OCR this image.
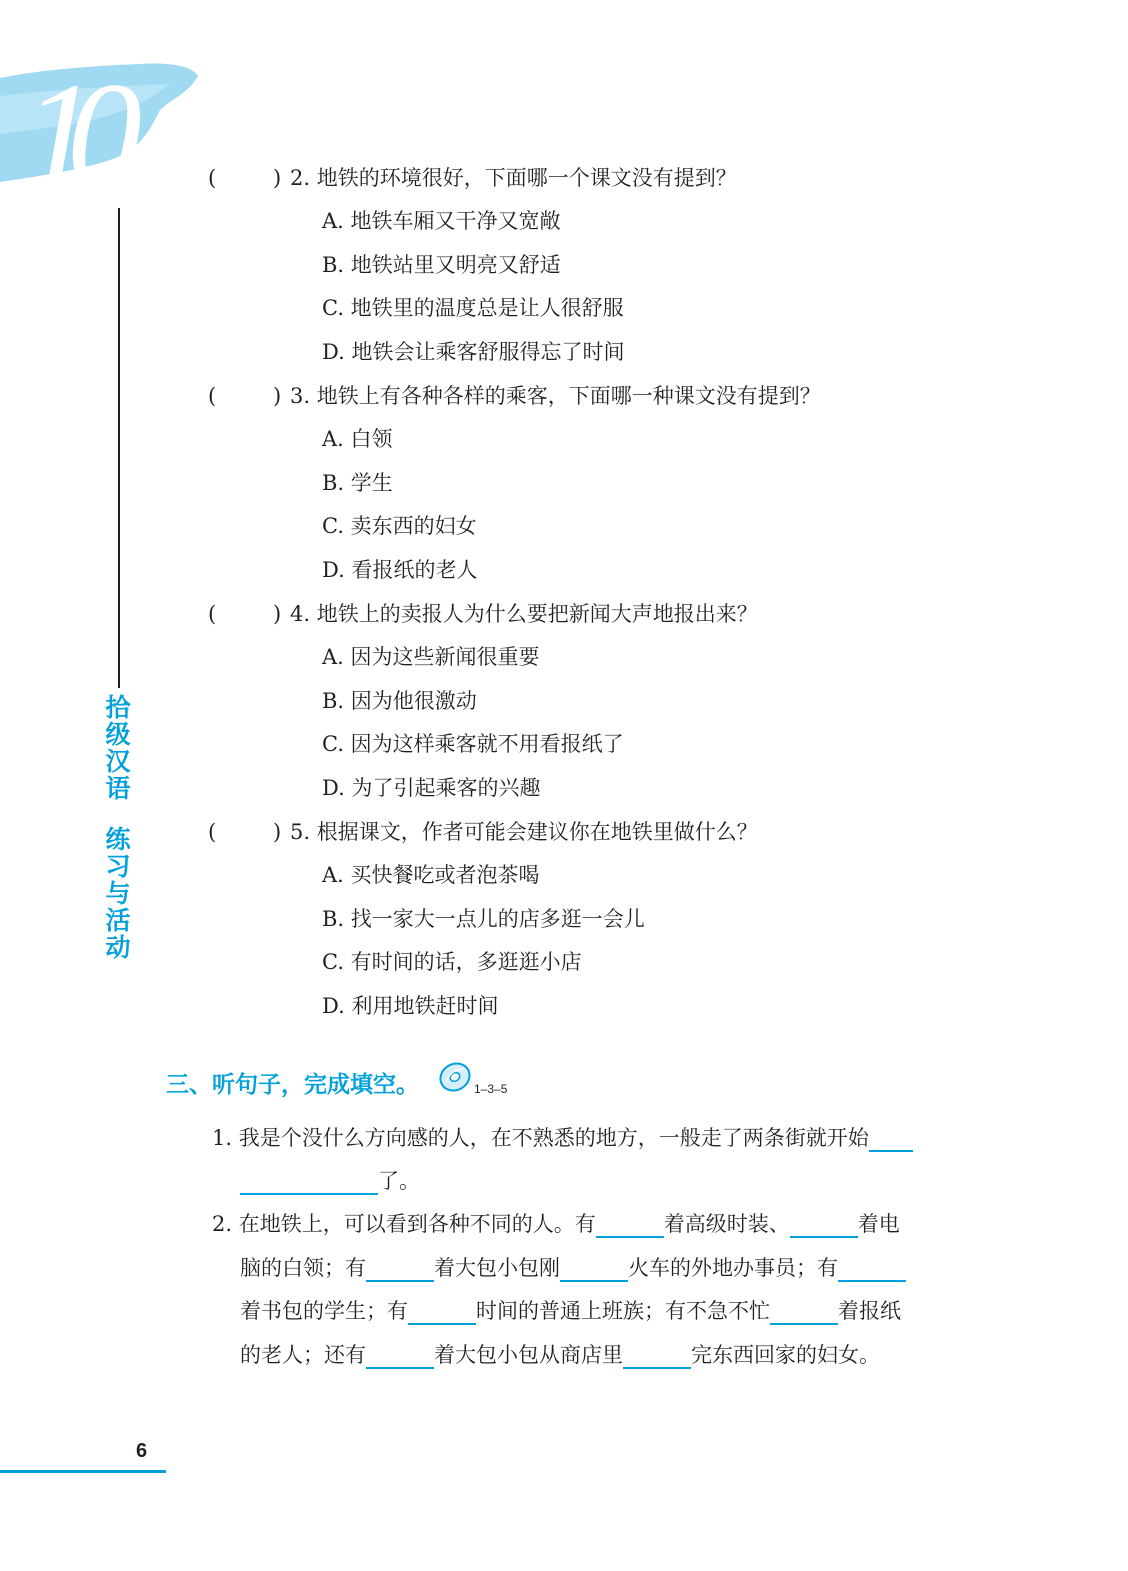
10
拾
级
汉
语
练
习
与
活
动
(	) 2. 地铁的环境很好，下面哪一个课文没有提到？
A. 地铁车厢又干净又宽敞
B. 地铁站里又明亮又舒适
C. 地铁里的温度总是让人很舒服
D. 地铁会让乘客舒服得忘了时间
(	) 3. 地铁上有各种各样的乘客，下面哪一种课文没有提到？
A. 白领
B. 学生
C. 卖东西的妇女
D. 看报纸的老人
(	) 4. 地铁上的卖报人为什么要把新闻大声地报出来？
A. 因为这些新闻很重要
B. 因为他很激动
C. 因为这样乘客就不用看报纸了
D. 为了引起乘客的兴趣
(	) 5. 根据课文，作者可能会建议你在地铁里做什么？
A. 买快餐吃或者泡茶喝
B. 找一家大一点儿的店多逛一会儿
C. 有时间的话，多逛逛小店
D. 利用地铁赶时间
三、听句子，完成填空。	1–3–5
1. 我是个没什么方向感的人，在不熟悉的地方，一般走了两条街就开始
了。
2. 在地铁上，可以看到各种不同的人。有	着高级时装、	着电
脑的白领；有	着大包小包刚	火车的外地办事员；有
着书包的学生；有	时间的普通上班族；有不急不忙	着报纸
的老人；还有	着大包小包从商店里	完东西回家的妇女。
6
